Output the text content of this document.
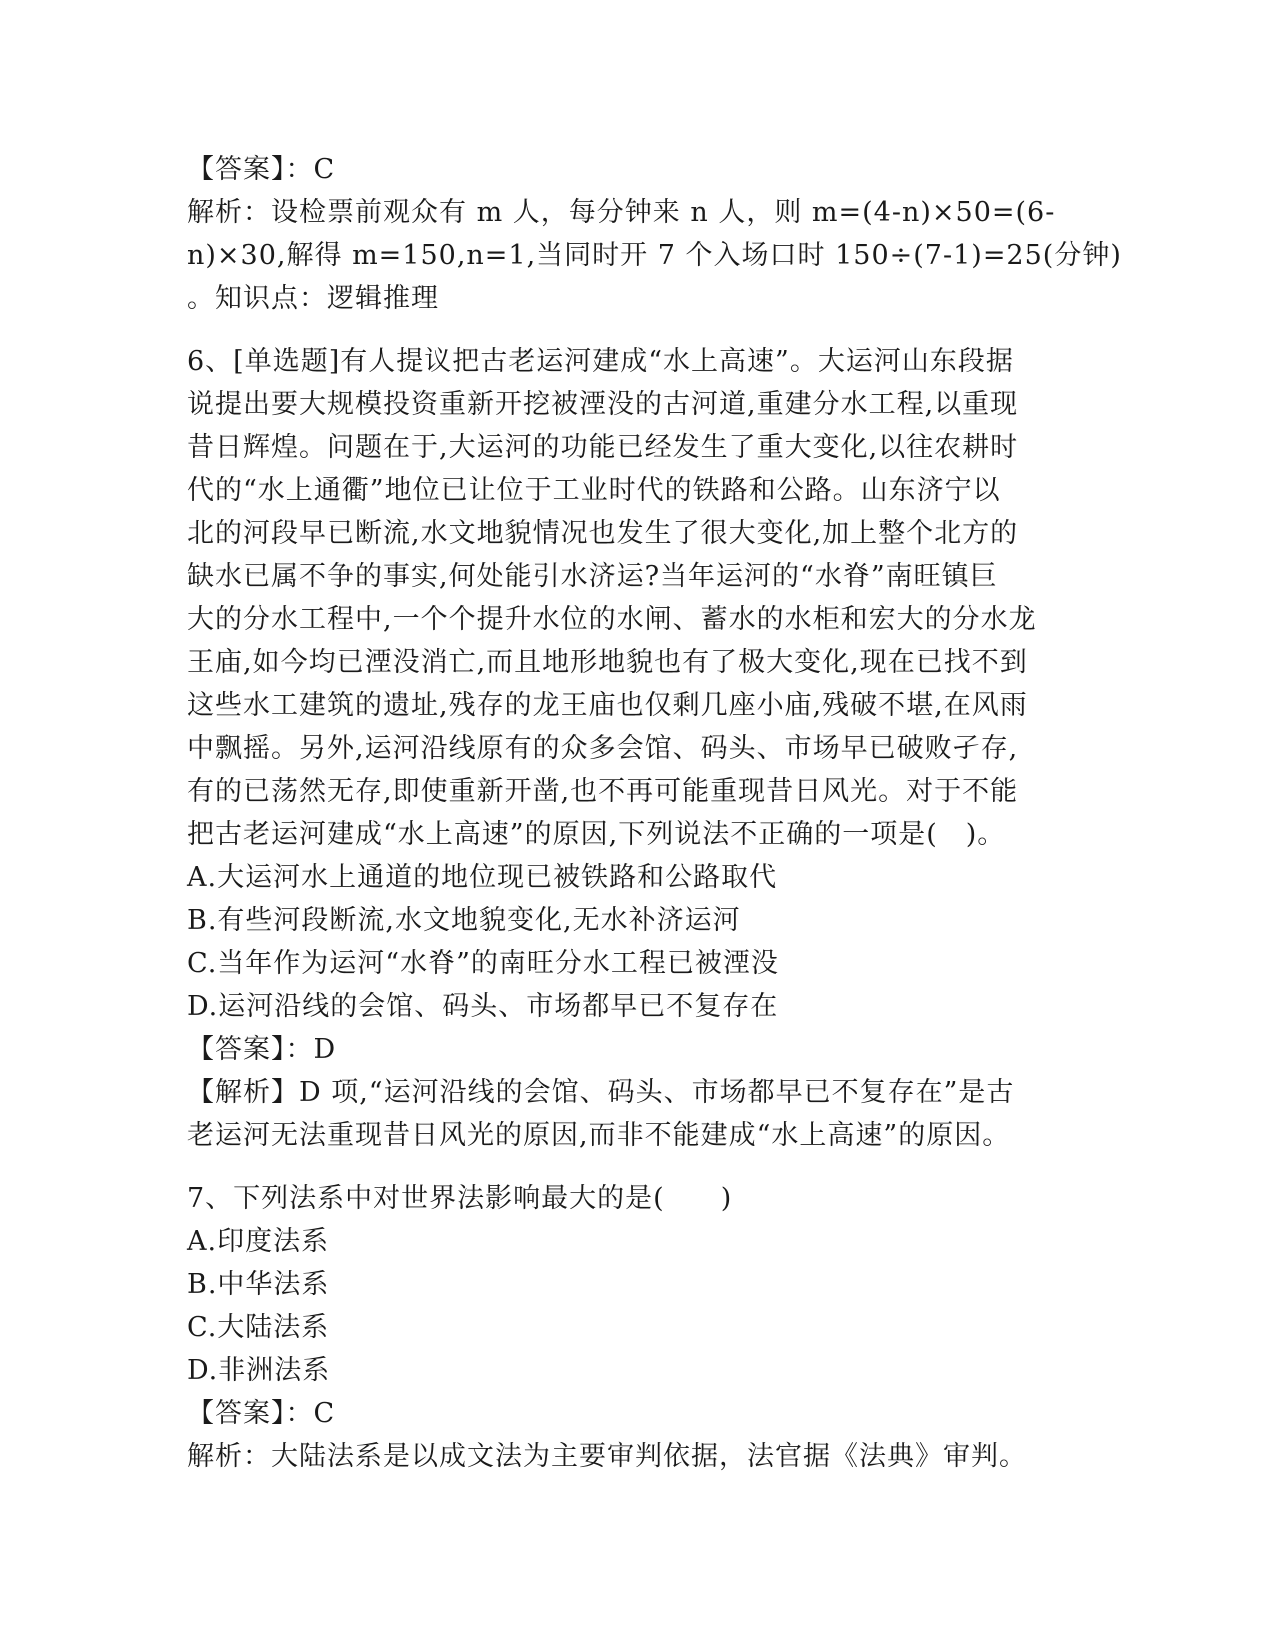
【答案】：C
解析：设检票前观众有 m 人，每分钟来 n 人，则 m=(4-n)×50=(6-
n)×30,解得 m=150,n=1,当同时开 7 个入场口时 150÷(7-1)=25(分钟)
。知识点：逻辑推理
6、[单选题]有人提议把古老运河建成“水上高速”。大运河山东段据
说提出要大规模投资重新开挖被湮没的古河道,重建分水工程,以重现
昔日辉煌。问题在于,大运河的功能已经发生了重大变化,以往农耕时
代的“水上通衢”地位已让位于工业时代的铁路和公路。山东济宁以
北的河段早已断流,水文地貌情况也发生了很大变化,加上整个北方的
缺水已属不争的事实,何处能引水济运?当年运河的“水脊”南旺镇巨
大的分水工程中,一个个提升水位的水闸、蓄水的水柜和宏大的分水龙
王庙,如今均已湮没消亡,而且地形地貌也有了极大变化,现在已找不到
这些水工建筑的遗址,残存的龙王庙也仅剩几座小庙,残破不堪,在风雨
中飘摇。另外,运河沿线原有的众多会馆、码头、市场早已破败孑存,
有的已荡然无存,即使重新开凿,也不再可能重现昔日风光。对于不能
把古老运河建成“水上高速”的原因,下列说法不正确的一项是(　)。
A.大运河水上通道的地位现已被铁路和公路取代
B.有些河段断流,水文地貌变化,无水补济运河
C.当年作为运河“水脊”的南旺分水工程已被湮没
D.运河沿线的会馆、码头、市场都早已不复存在
【答案】：D
【解析】D 项,“运河沿线的会馆、码头、市场都早已不复存在”是古
老运河无法重现昔日风光的原因,而非不能建成“水上高速”的原因。
7、下列法系中对世界法影响最大的是(　　)
A.印度法系
B.中华法系
C.大陆法系
D.非洲法系
【答案】：C
解析：大陆法系是以成文法为主要审判依据，法官据《法典》审判。
